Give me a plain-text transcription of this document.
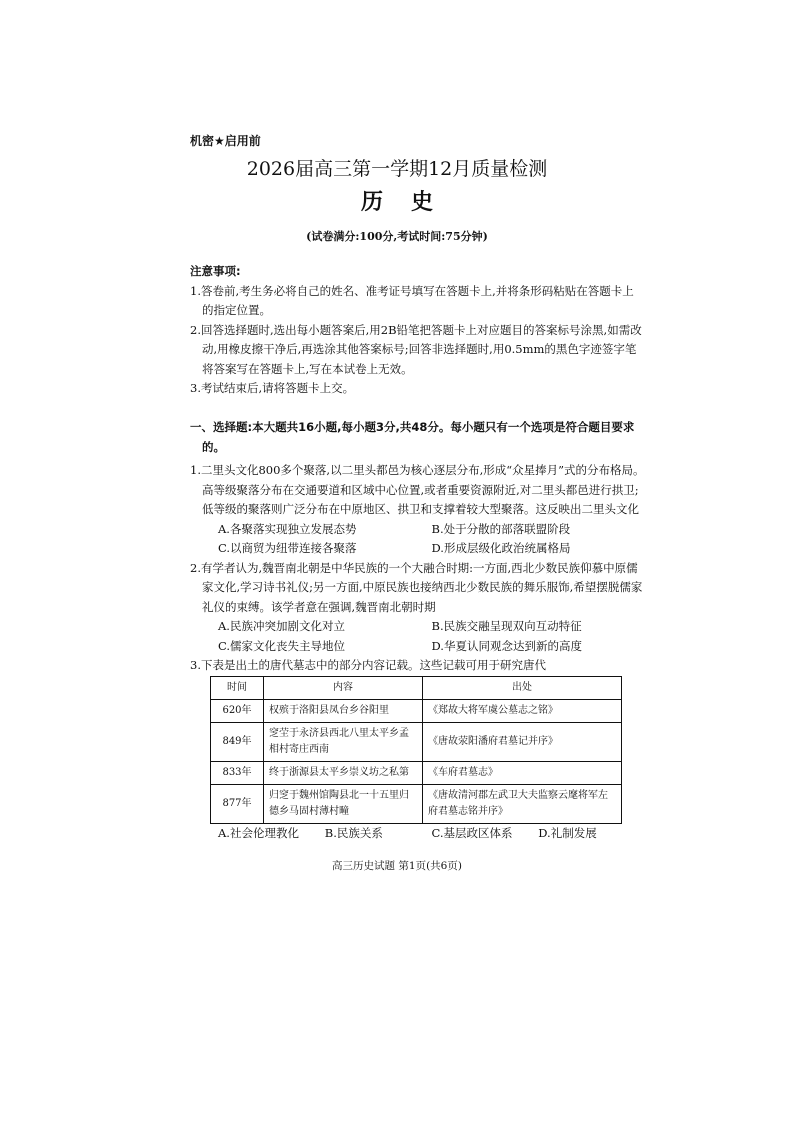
机密★启用前
2026届高三第一学期12月质量检测
历史
(试卷满分:100分,考试时间:75分钟)
注意事项:

1.答卷前,考生务必将自己的姓名、准考证号填写在答题卡上,并将条形码粘贴在答题卡上的指定位置。

2.回答选择题时,选出每小题答案后,用2B铅笔把答题卡上对应题目的答案标号涂黑,如需改动,用橡皮擦干净后,再选涂其他答案标号;回答非选择题时,用0.5mm的黑色字迹签字笔将答案写在答题卡上,写在本试卷上无效。

3.考试结束后,请将答题卡上交。

一、选择题:本大题共16小题,每小题3分,共48分。每小题只有一个选项是符合题目要求的。

1.二里头文化800多个聚落,以二里头都邑为核心逐层分布,形成“众星捧月”式的分布格局。高等级聚落分布在交通要道和区域中心位置,或者重要资源附近,对二里头都邑进行拱卫;低等级的聚落则广泛分布在中原地区、拱卫和支撑着较大型聚落。这反映出二里头文化

A.各聚落实现独立发展态势	B.处于分散的部落联盟阶段
C.以商贸为纽带连接各聚落	D.形成层级化政治统属格局

2.有学者认为,魏晋南北朝是中华民族的一个大融合时期:一方面,西北少数民族仰慕中原儒家文化,学习诗书礼仪;另一方面,中原民族也接纳西北少数民族的舞乐服饰,希望摆脱儒家礼仪的束缚。该学者意在强调,魏晋南北朝时期

A.民族冲突加剧文化对立	B.民族交融呈现双向互动特征
C.儒家文化丧失主导地位	D.华夏认同观念达到新的高度

3.下表是出土的唐代墓志中的部分内容记载。这些记载可用于研究唐代

时间	内容	出处
620年	权殡于洛阳县凤台乡谷阳里	《郑故大将军虞公墓志之铭》
849年	窆茔于永济县西北八里太平乡孟相村寄庄西南	《唐故荥阳潘府君墓记并序》
833年	终于浙源县太平乡崇义坊之私第	《车府君墓志》
877年	归窆于魏州馆陶县北一十五里归德乡马固村薄村疃	《唐故清河郡左武卫大夫监察云麾将军左府君墓志铭并序》
A.社会伦理教化	B.民族关系	C.基层政区体系	D.礼制发展
高三历史试题 第1页(共6页)
